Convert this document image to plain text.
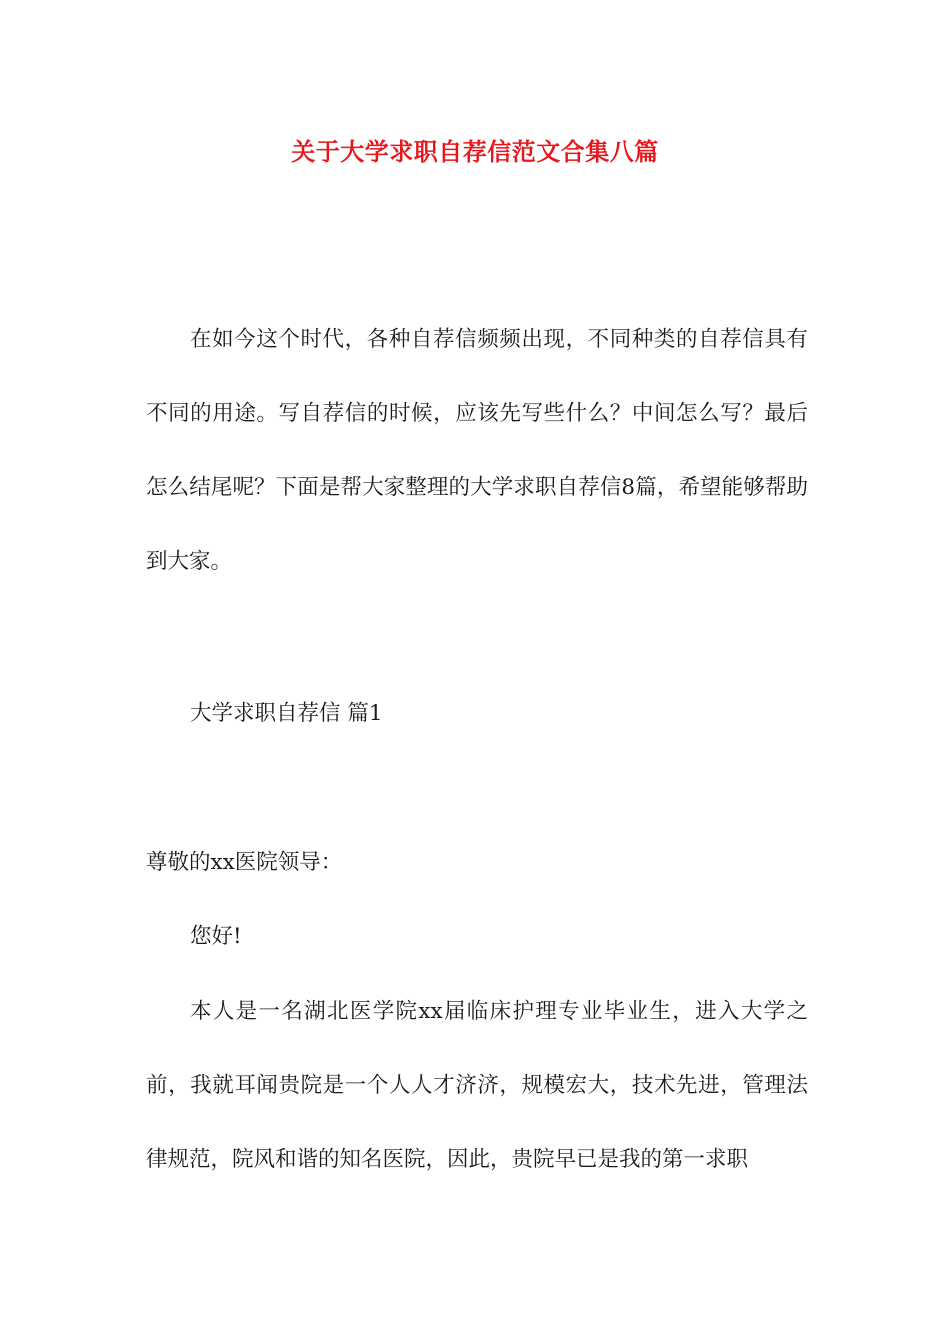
关于大学求职自荐信范文合集八篇

在如今这个时代，各种自荐信频频出现，不同种类的自荐信具有不同的用途。写自荐信的时候，应该先写些什么？中间怎么写？最后怎么结尾呢？下面是帮大家整理的大学求职自荐信8篇，希望能够帮助到大家。

大学求职自荐信 篇1

尊敬的xx医院领导：

您好!

本人是一名湖北医学院xx届临床护理专业毕业生，进入大学之前，我就耳闻贵院是一个人人才济济，规模宏大，技术先进，管理法律规范，院风和谐的知名医院，因此，贵院早已是我的第一求职
